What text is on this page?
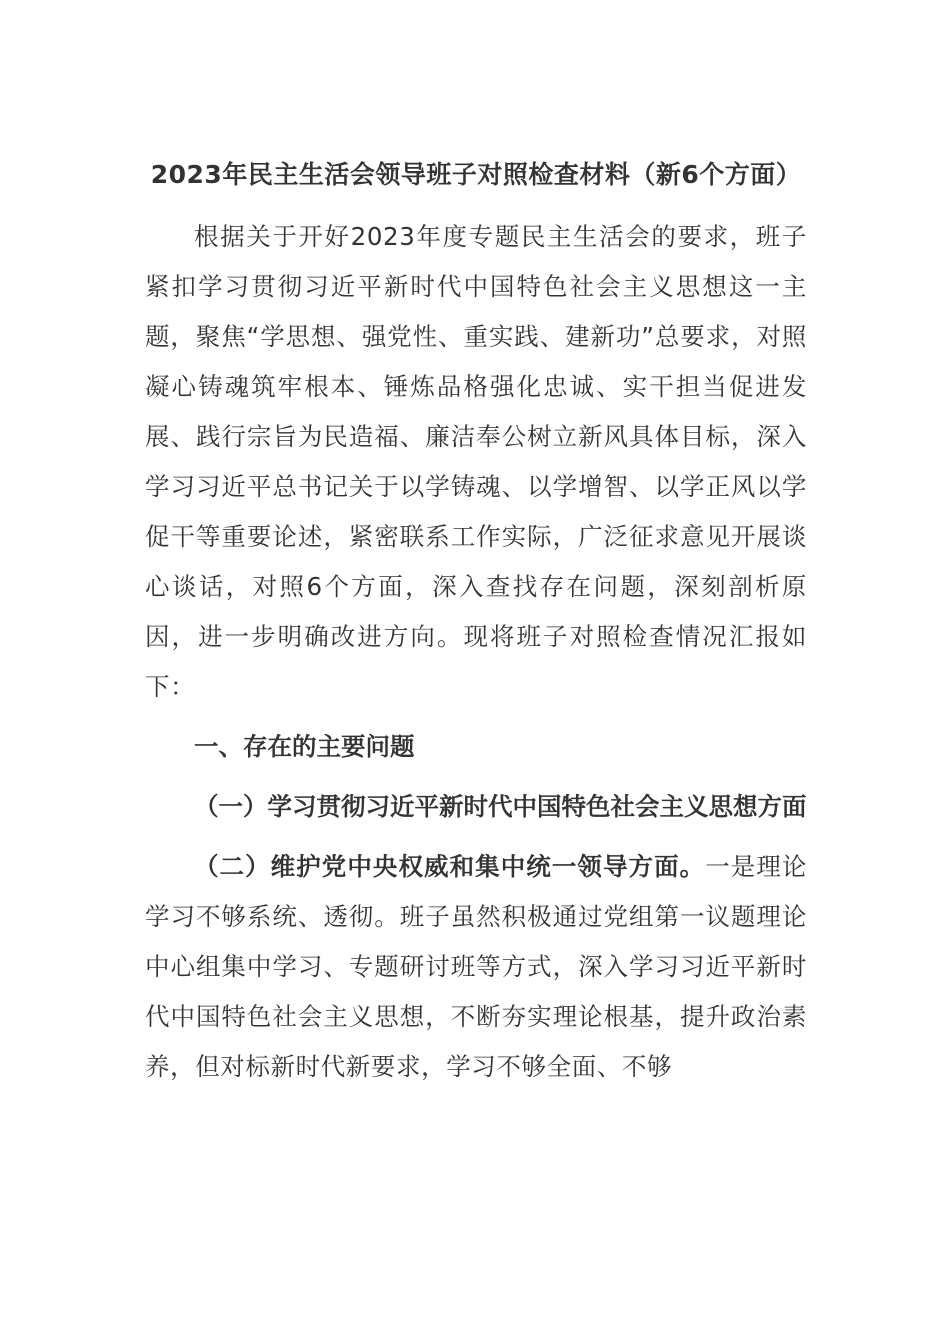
2023年民主生活会领导班子对照检查材料（新6个方面）

根据关于开好2023年度专题民主生活会的要求，班子紧扣学习贯彻习近平新时代中国特色社会主义思想这一主题，聚焦“学思想、强党性、重实践、建新功”总要求，对照凝心铸魂筑牢根本、锤炼品格强化忠诚、实干担当促进发展、践行宗旨为民造福、廉洁奉公树立新风具体目标，深入学习习近平总书记关于以学铸魂、以学增智、以学正风以学促干等重要论述，紧密联系工作实际，广泛征求意见开展谈心谈话，对照6个方面，深入查找存在问题，深刻剖析原因，进一步明确改进方向。现将班子对照检查情况汇报如下：

一、存在的主要问题

（一）学习贯彻习近平新时代中国特色社会主义思想方面

（二）维护党中央权威和集中统一领导方面。一是理论学习不够系统、透彻。班子虽然积极通过党组第一议题理论中心组集中学习、专题研讨班等方式，深入学习习近平新时代中国特色社会主义思想，不断夯实理论根基，提升政治素养，但对标新时代新要求，学习不够全面、不够
